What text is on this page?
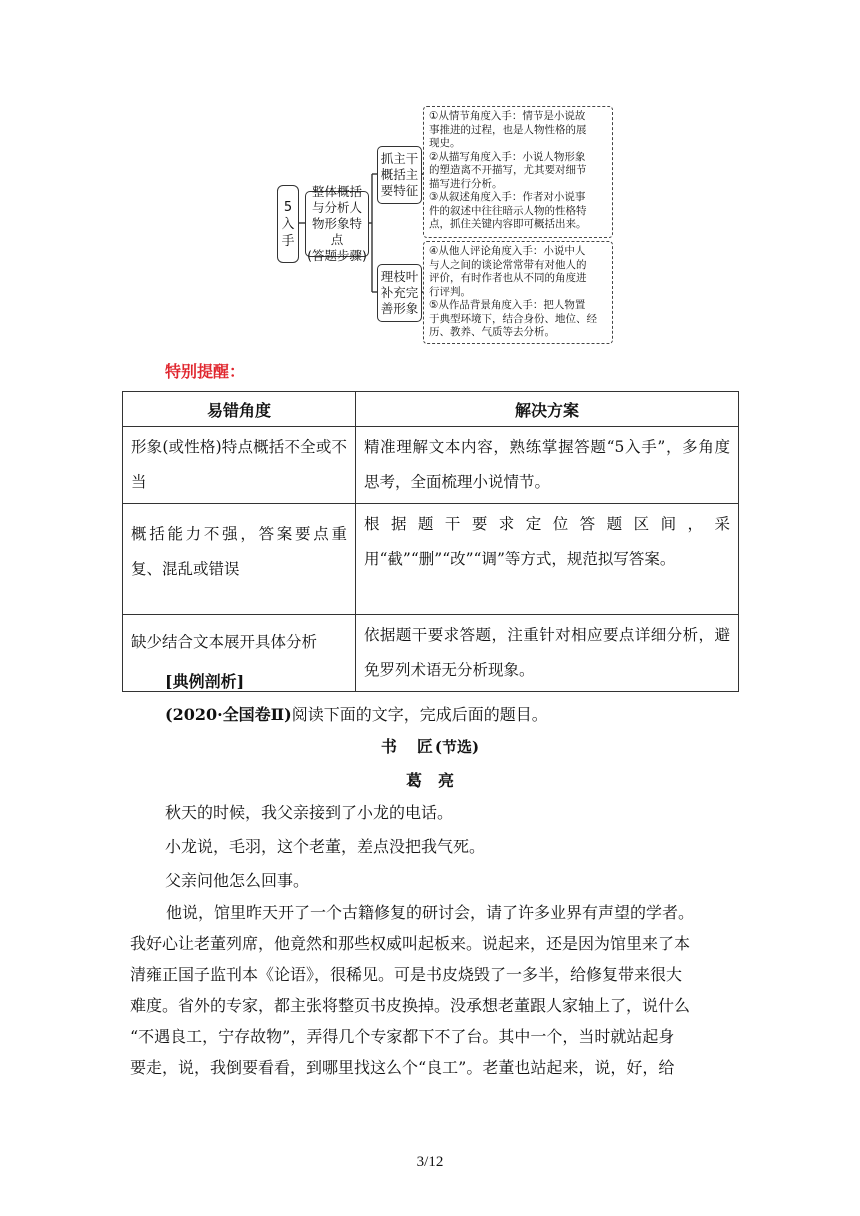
5
入
手
整体概括
与分析人
物形象特点
(答题步骤)
抓主干
概括主
要特征
理枝叶
补充完
善形象

①从情节角度入手：情节是小说故

事推进的过程，也是人物性格的展

现史。

②从描写角度入手：小说人物形象

的塑造离不开描写，尤其要对细节

描写进行分析。

③从叙述角度入手：作者对小说事

件的叙述中往往暗示人物的性格特

点，抓住关键内容即可概括出来。

④从他人评论角度入手：小说中人

与人之间的谈论常常带有对他人的

评价，有时作者也从不同的角度进

行评判。

⑤从作品背景角度入手：把人物置

于典型环境下，结合身份、地位、经

历、教养、气质等去分析。

特别提醒：
易错角度	解决方案
形象(或性格)特点概括不全或不当	精准理解文本内容，熟练掌握答题“5入手”，多角度思考，全面梳理小说情节。
概括能力不强，答案要点重复、混乱或错误	根据题干要求定位答题区间，采用“截”“删”“改”“调”等方式，规范拟写答案。
缺少结合文本展开具体分析	依据题干要求答题，注重针对相应要点详细分析，避免罗列术语无分析现象。
[典例剖析]
(2020·全国卷Ⅱ)阅读下面的文字，完成后面的题目。
书　匠(节选)
葛　亮
秋天的时候，我父亲接到了小龙的电话。
小龙说，毛羽，这个老董，差点没把我气死。
父亲问他怎么回事。
他说，馆里昨天开了一个古籍修复的研讨会，请了许多业界有声望的学者。
我好心让老董列席，他竟然和那些权威叫起板来。说起来，还是因为馆里来了本
清雍正国子监刊本《论语》，很稀见。可是书皮烧毁了一多半，给修复带来很大
难度。省外的专家，都主张将整页书皮换掉。没承想老董跟人家轴上了，说什么
“不遇良工，宁存故物”，弄得几个专家都下不了台。其中一个，当时就站起身
要走，说，我倒要看看，到哪里找这么个“良工”。老董也站起来，说，好，给
3/12
